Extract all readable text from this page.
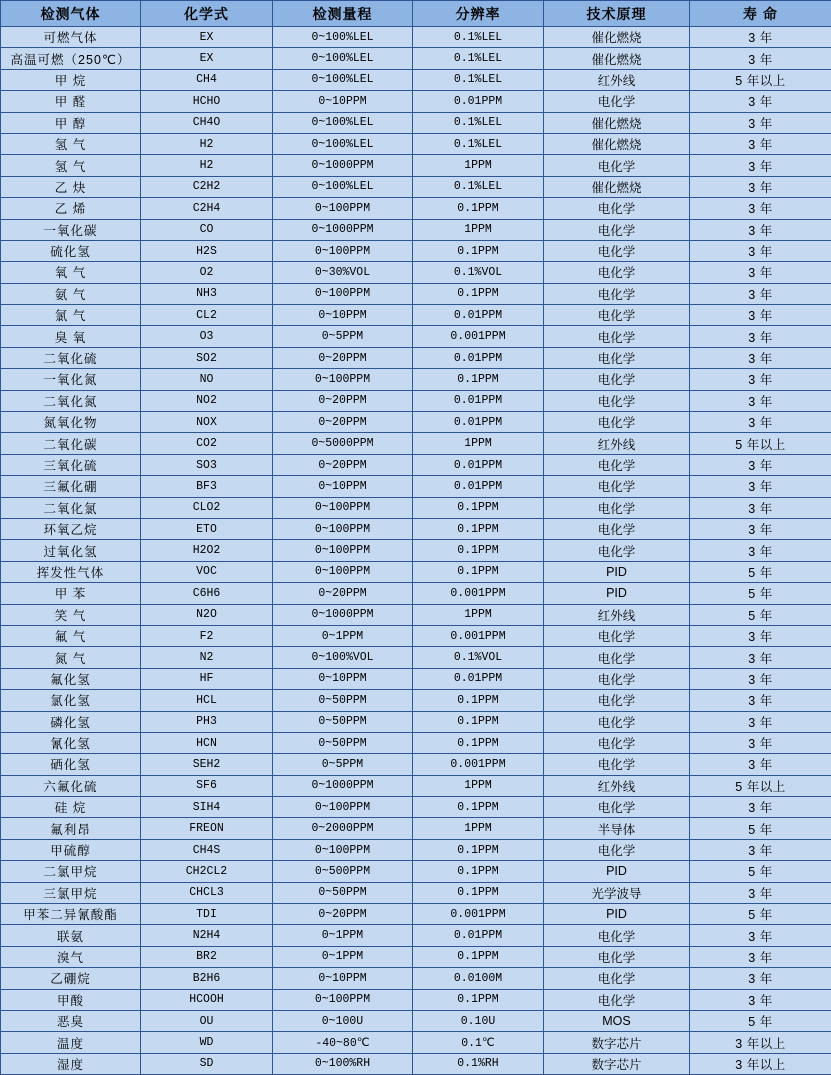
检测气体	化学式	检测量程	分辨率	技术原理	寿 命
可燃气体	EX	0~100%LEL	0.1%LEL	催化燃烧	3 年
高温可燃（250℃）	EX	0~100%LEL	0.1%LEL	催化燃烧	3 年
甲 烷	CH4	0~100%LEL	0.1%LEL	红外线	5 年以上
甲 醛	HCHO	0~10PPM	0.01PPM	电化学	3 年
甲 醇	CH4O	0~100%LEL	0.1%LEL	催化燃烧	3 年
氢 气	H2	0~100%LEL	0.1%LEL	催化燃烧	3 年
氢 气	H2	0~1000PPM	1PPM	电化学	3 年
乙 炔	C2H2	0~100%LEL	0.1%LEL	催化燃烧	3 年
乙 烯	C2H4	0~100PPM	0.1PPM	电化学	3 年
一氧化碳	CO	0~1000PPM	1PPM	电化学	3 年
硫化氢	H2S	0~100PPM	0.1PPM	电化学	3 年
氧 气	O2	0~30%VOL	0.1%VOL	电化学	3 年
氨 气	NH3	0~100PPM	0.1PPM	电化学	3 年
氯 气	CL2	0~10PPM	0.01PPM	电化学	3 年
臭 氧	O3	0~5PPM	0.001PPM	电化学	3 年
二氧化硫	SO2	0~20PPM	0.01PPM	电化学	3 年
一氧化氮	NO	0~100PPM	0.1PPM	电化学	3 年
二氧化氮	NO2	0~20PPM	0.01PPM	电化学	3 年
氮氧化物	NOX	0~20PPM	0.01PPM	电化学	3 年
二氧化碳	CO2	0~5000PPM	1PPM	红外线	5 年以上
三氧化硫	SO3	0~20PPM	0.01PPM	电化学	3 年
三氟化硼	BF3	0~10PPM	0.01PPM	电化学	3 年
二氧化氯	CLO2	0~100PPM	0.1PPM	电化学	3 年
环氧乙烷	ETO	0~100PPM	0.1PPM	电化学	3 年
过氧化氢	H2O2	0~100PPM	0.1PPM	电化学	3 年
挥发性气体	VOC	0~100PPM	0.1PPM	PID	5 年
甲 苯	C6H6	0~20PPM	0.001PPM	PID	5 年
笑 气	N2O	0~1000PPM	1PPM	红外线	5 年
氟 气	F2	0~1PPM	0.001PPM	电化学	3 年
氮 气	N2	0~100%VOL	0.1%VOL	电化学	3 年
氟化氢	HF	0~10PPM	0.01PPM	电化学	3 年
氯化氢	HCL	0~50PPM	0.1PPM	电化学	3 年
磷化氢	PH3	0~50PPM	0.1PPM	电化学	3 年
氰化氢	HCN	0~50PPM	0.1PPM	电化学	3 年
硒化氢	SEH2	0~5PPM	0.001PPM	电化学	3 年
六氟化硫	SF6	0~1000PPM	1PPM	红外线	5 年以上
硅 烷	SIH4	0~100PPM	0.1PPM	电化学	3 年
氟利昂	FREON	0~2000PPM	1PPM	半导体	5 年
甲硫醇	CH4S	0~100PPM	0.1PPM	电化学	3 年
二氯甲烷	CH2CL2	0~500PPM	0.1PPM	PID	5 年
三氯甲烷	CHCL3	0~50PPM	0.1PPM	光学波导	3 年
甲苯二异氰酸酯	TDI	0~20PPM	0.001PPM	PID	5 年
联氨	N2H4	0~1PPM	0.01PPM	电化学	3 年
溴气	BR2	0~1PPM	0.1PPM	电化学	3 年
乙硼烷	B2H6	0~10PPM	0.0100M	电化学	3 年
甲酸	HCOOH	0~100PPM	0.1PPM	电化学	3 年
恶臭	OU	0~100U	0.10U	MOS	5 年
温度	WD	-40~80℃	0.1℃	数字芯片	3 年以上
湿度	SD	0~100%RH	0.1%RH	数字芯片	3 年以上
